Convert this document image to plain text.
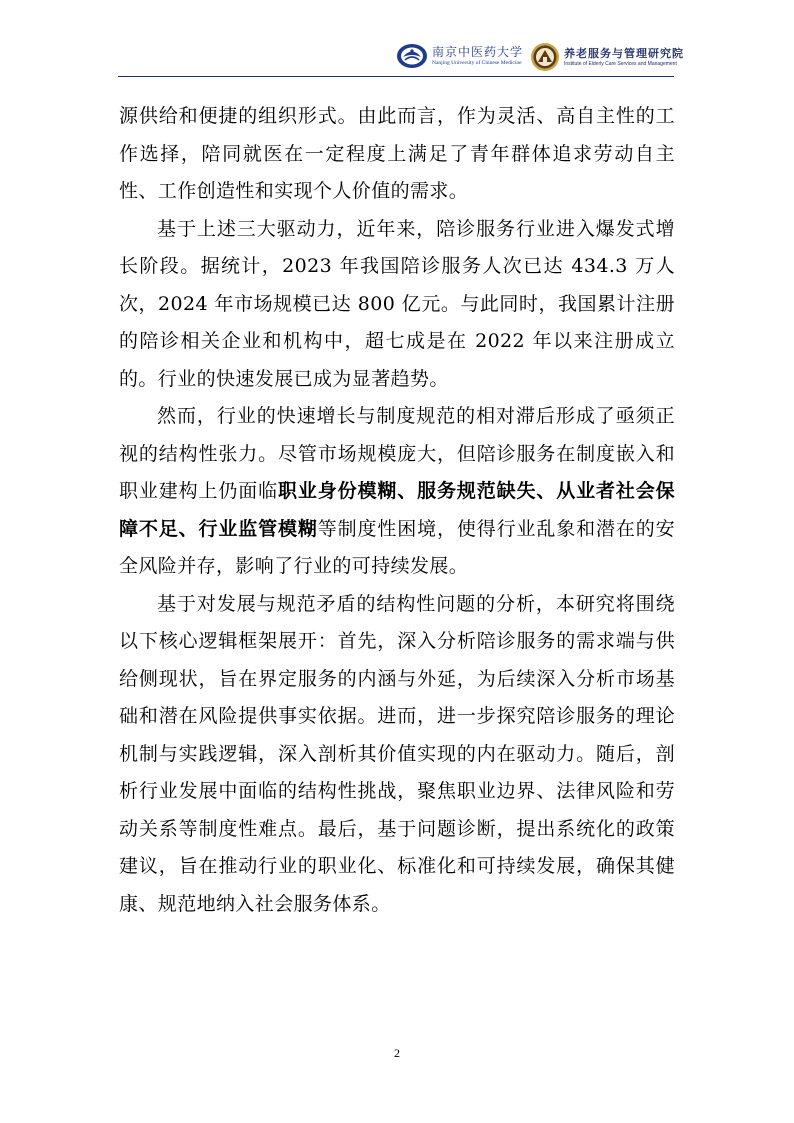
南京中医药大学
Nanjing University of Chinese Medicine
养老服务与管理研究院
Institute of Elderly Care Services and Management

源供给和便捷的组织形式。由此而言，作为灵活、高自主性的工作选择，陪同就医在一定程度上满足了青年群体追求劳动自主性、工作创造性和实现个人价值的需求。

基于上述三大驱动力，近年来，陪诊服务行业进入爆发式增长阶段。据统计，2023 年我国陪诊服务人次已达 434.3 万人次，2024 年市场规模已达 800 亿元。与此同时，我国累计注册的陪诊相关企业和机构中，超七成是在 2022 年以来注册成立的。行业的快速发展已成为显著趋势。

然而，行业的快速增长与制度规范的相对滞后形成了亟须正视的结构性张力。尽管市场规模庞大，但陪诊服务在制度嵌入和职业建构上仍面临职业身份模糊、服务规范缺失、从业者社会保障不足、行业监管模糊等制度性困境，使得行业乱象和潜在的安全风险并存，影响了行业的可持续发展。

基于对发展与规范矛盾的结构性问题的分析，本研究将围绕以下核心逻辑框架展开：首先，深入分析陪诊服务的需求端与供给侧现状，旨在界定服务的内涵与外延，为后续深入分析市场基础和潜在风险提供事实依据。进而，进一步探究陪诊服务的理论机制与实践逻辑，深入剖析其价值实现的内在驱动力。随后，剖析行业发展中面临的结构性挑战，聚焦职业边界、法律风险和劳动关系等制度性难点。最后，基于问题诊断，提出系统化的政策建议，旨在推动行业的职业化、标准化和可持续发展，确保其健康、规范地纳入社会服务体系。

2
